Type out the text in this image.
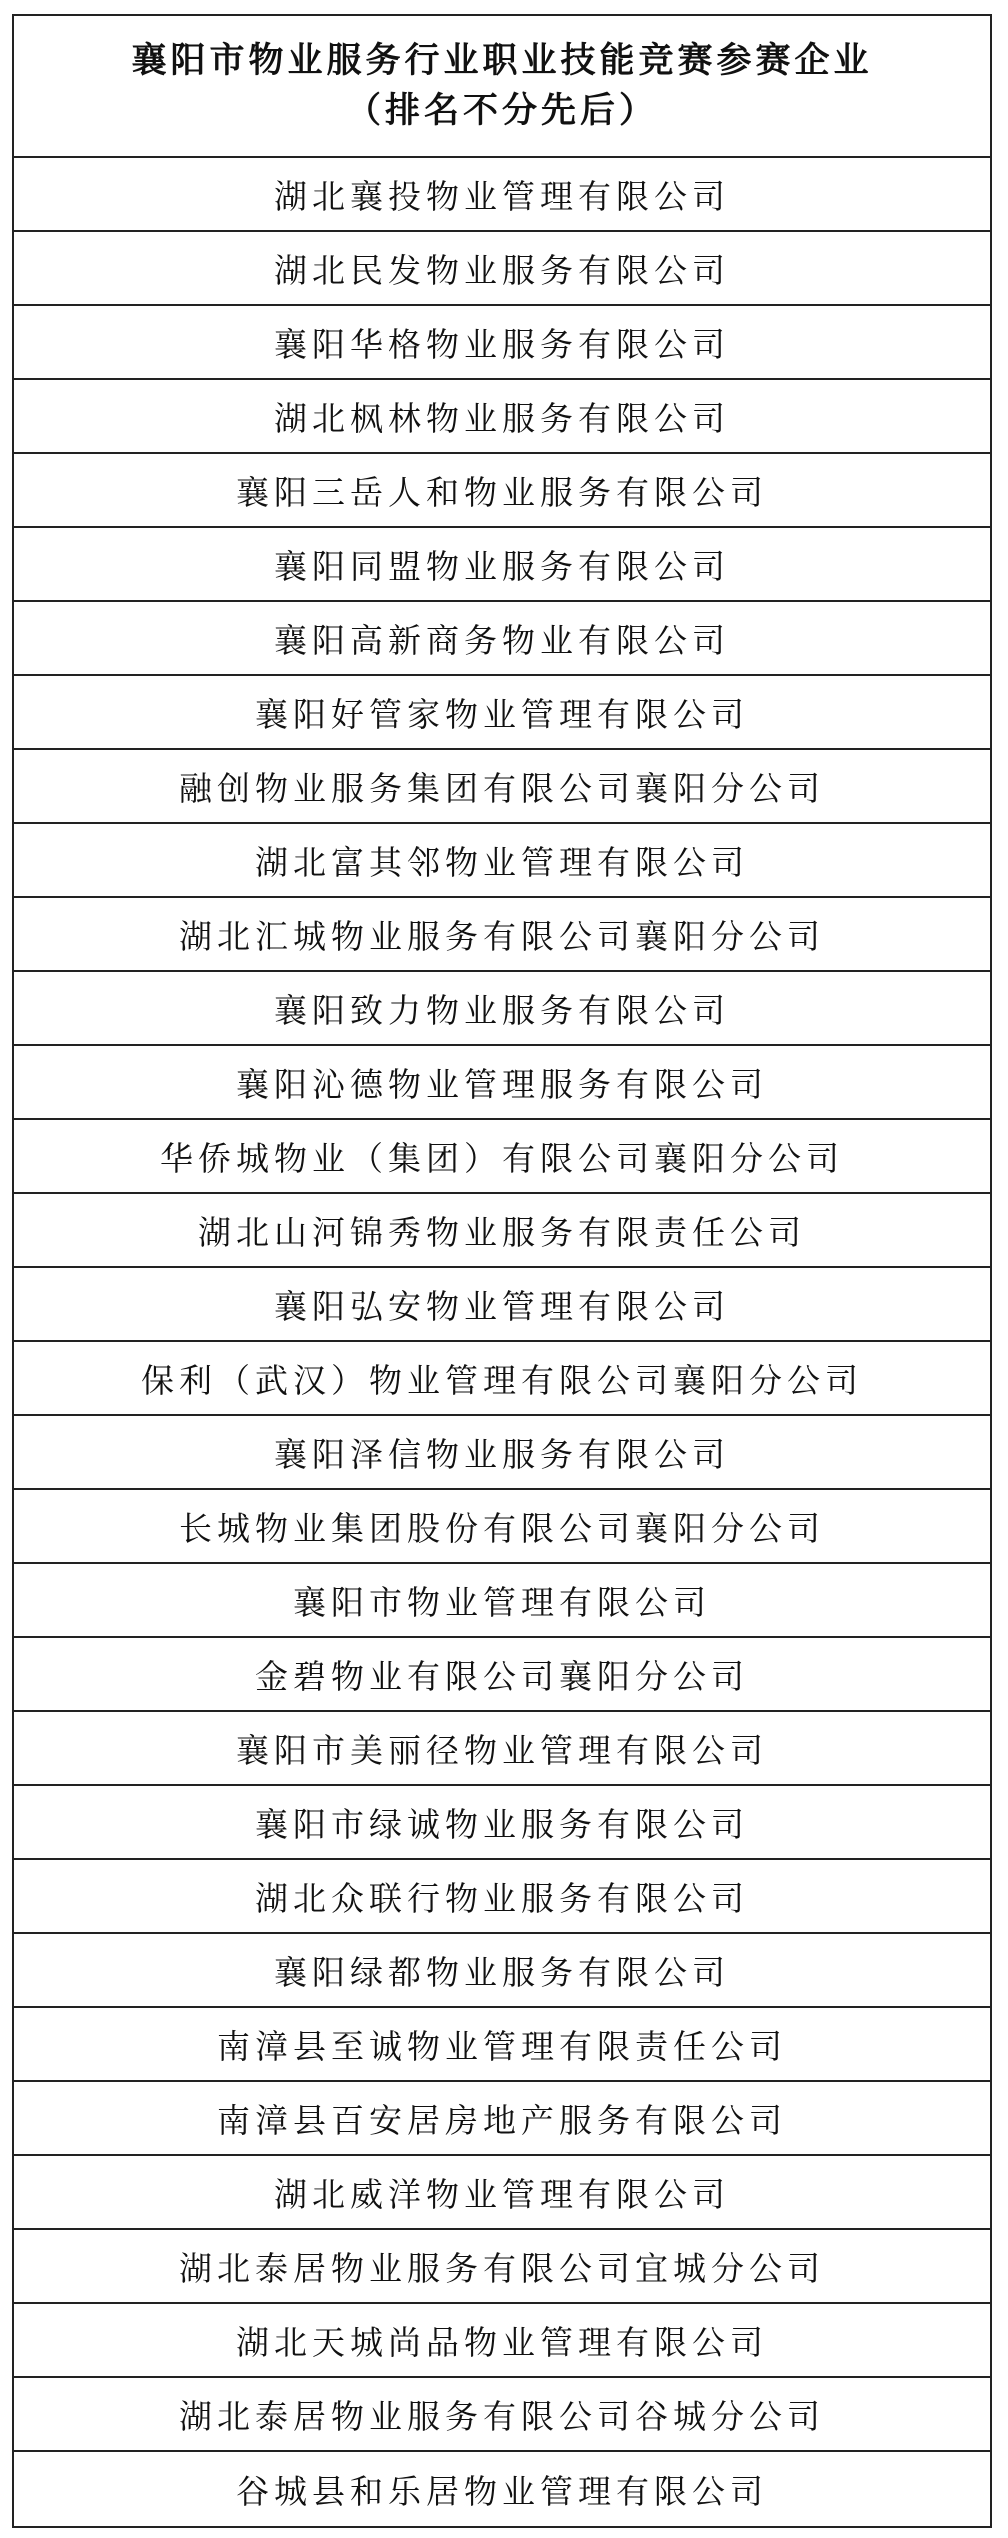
襄阳市物业服务行业职业技能竞赛参赛企业
（排名不分先后）
湖北襄投物业管理有限公司
湖北民发物业服务有限公司
襄阳华格物业服务有限公司
湖北枫林物业服务有限公司
襄阳三岳人和物业服务有限公司
襄阳同盟物业服务有限公司
襄阳高新商务物业有限公司
襄阳好管家物业管理有限公司
融创物业服务集团有限公司襄阳分公司
湖北富其邻物业管理有限公司
湖北汇城物业服务有限公司襄阳分公司
襄阳致力物业服务有限公司
襄阳沁德物业管理服务有限公司
华侨城物业（集团）有限公司襄阳分公司
湖北山河锦秀物业服务有限责任公司
襄阳弘安物业管理有限公司
保利（武汉）物业管理有限公司襄阳分公司
襄阳泽信物业服务有限公司
长城物业集团股份有限公司襄阳分公司
襄阳市物业管理有限公司
金碧物业有限公司襄阳分公司
襄阳市美丽径物业管理有限公司
襄阳市绿诚物业服务有限公司
湖北众联行物业服务有限公司
襄阳绿都物业服务有限公司
南漳县至诚物业管理有限责任公司
南漳县百安居房地产服务有限公司
湖北威洋物业管理有限公司
湖北泰居物业服务有限公司宜城分公司
湖北天城尚品物业管理有限公司
湖北泰居物业服务有限公司谷城分公司
谷城县和乐居物业管理有限公司
